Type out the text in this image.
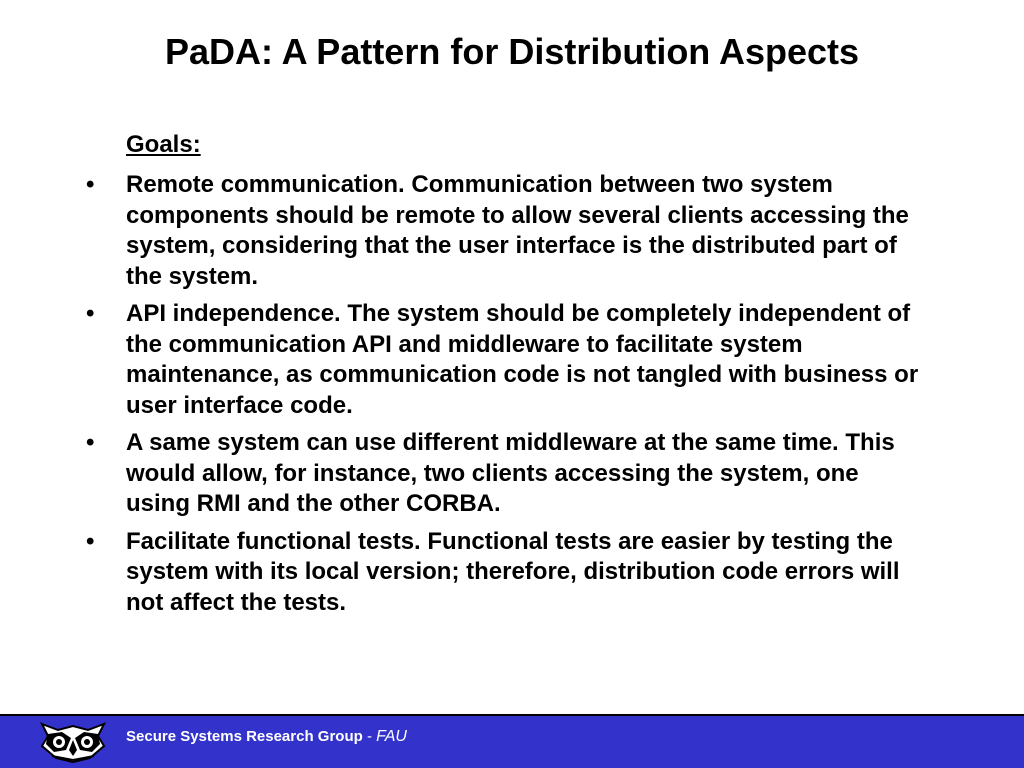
PaDA: A Pattern for Distribution Aspects
Goals:
• Remote communication. Communication between two system components should be remote to allow several clients accessing the system, considering that the user interface is the distributed part of the system.
• API independence. The system should be completely independent of the communication API and middleware to facilitate system maintenance, as communication code is not tangled with business or user interface code.
• A same system can use different middleware at the same time. This would allow, for instance, two clients accessing the system, one using RMI and the other CORBA.
• Facilitate functional tests. Functional tests are easier by testing the system with its local version; therefore, distribution code errors will not affect the tests.
Secure Systems Research Group - FAU
